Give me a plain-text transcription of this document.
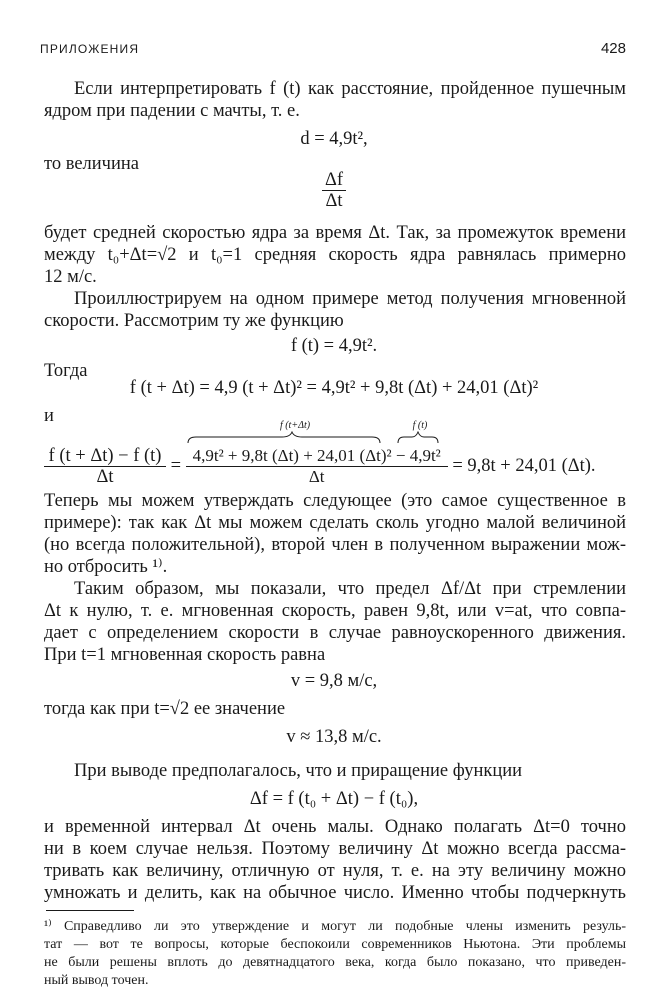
ПРИЛОЖЕНИЯ	428
Если интерпретировать f (t) как расстояние, пройденное пушечным
ядром при падении с мачты, т. е.
d = 4,9t²,
то величина
$\frac{\Delta f}{\Delta t}$
будет средней скоростью ядра за время Δt. Так, за промежуток времени
между t₀+Δt=√2 и t₀=1 средняя скорость ядра равнялась примерно
12 м/с.
Проиллюстрируем на одном примере метод получения мгновенной
скорости. Рассмотрим ту же функцию
f (t) = 4,9t².
Тогда
f (t + Δt) = 4,9 (t + Δt)² = 4,9t² + 9,8t (Δt) + 24,01 (Δt)²
и	f (t+Δt)	f (t)
$\frac{f (t + \Delta t) - f (t)}{\Delta t} = \frac{\text{4,9t² + 9,8t (Δt) + 24,01 (Δt)² − 4,9t²}}{\Delta t} = 9,8t + 24,01$ (Δt).
Теперь мы можем утверждать следующее (это самое существенное в
примере): так как Δt мы можем сделать сколь угодно малой величиной
(но всегда положительной), второй член в полученном выражении мож-
но отбросить ¹⁾.
Таким образом, мы показали, что предел Δf/Δt при стремлении
Δt к нулю, т. е. мгновенная скорость, равен 9,8t, или v=at, что совпа-
дает с определением скорости в случае равноускоренного движения.
При t=1 мгновенная скорость равна
v = 9,8 м/с,
тогда как при t=√2 ее значение
v ≈ 13,8 м/с.
При выводе предполагалось, что и приращение функции
Δf = f (t₀ + Δt) − f (t₀),
и временной интервал Δt очень малы. Однако полагать Δt=0 точно
ни в коем случае нельзя. Поэтому величину Δt можно всегда рассма-
тривать как величину, отличную от нуля, т. е. на эту величину можно
умножать и делить, как на обычное число. Именно чтобы подчеркнуть
¹⁾ Справедливо ли это утверждение и могут ли подобные члены изменить резуль-
тат — вот те вопросы, которые беспокоили современников Ньютона. Эти проблемы
не были решены вплоть до девятнадцатого века, когда было показано, что приведен-
ный вывод точен.
